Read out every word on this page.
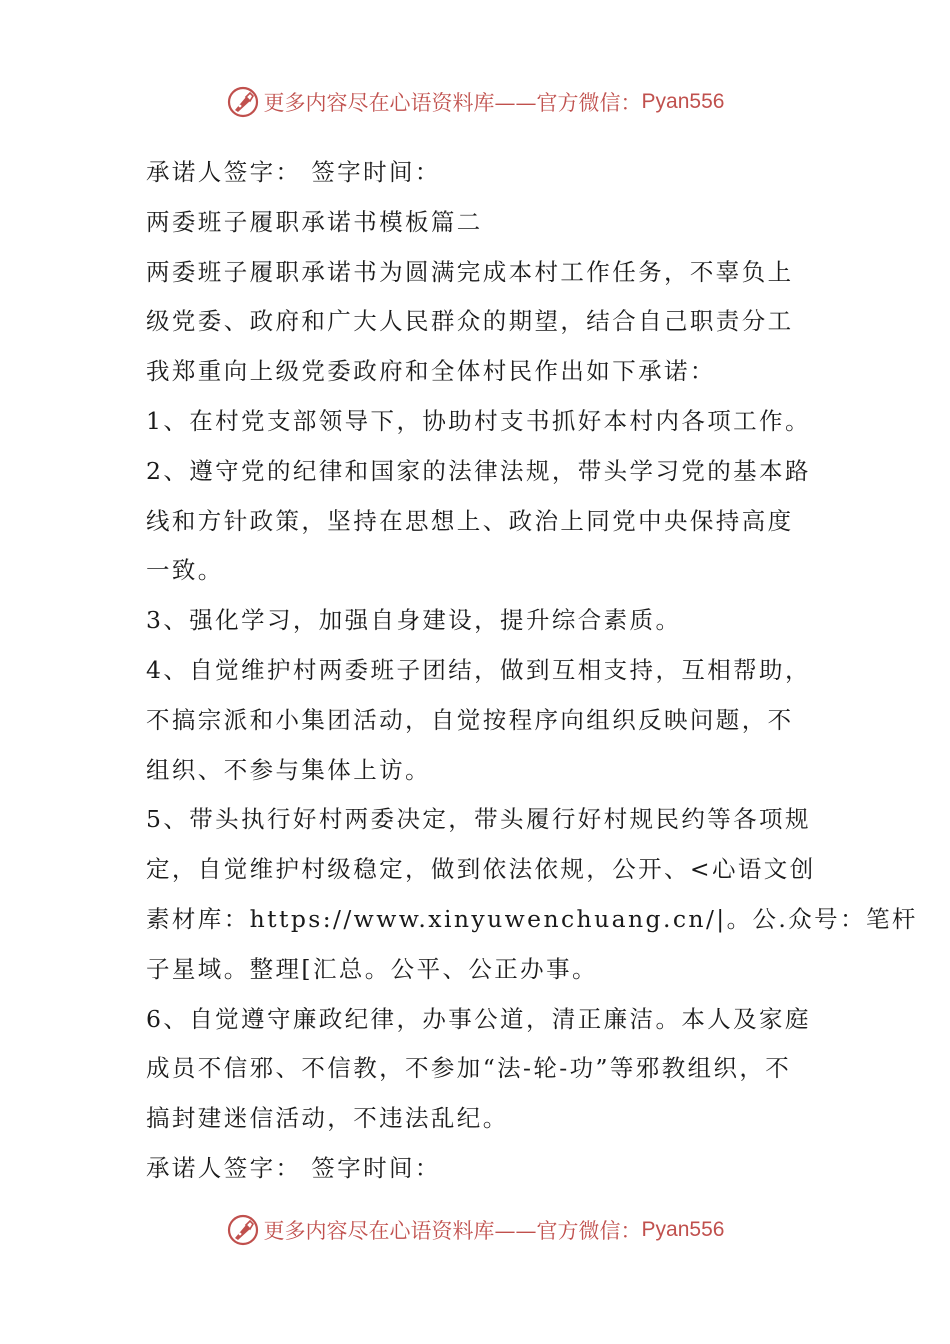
更多内容尽在心语资料库—— 官方微信： Pyan556
承诺人签字： 签字时间：
两委班子履职承诺书模板篇二
两委班子履职承诺书为圆满完成本村工作任务，不辜负上
级党委、政府和广大人民群众的期望，结合自己职责分工
我郑重向上级党委政府和全体村民作出如下承诺：
1、在村党支部领导下，协助村支书抓好本村内各项工作。
2、遵守党的纪律和国家的法律法规，带头学习党的基本路
线和方针政策，坚持在思想上、政治上同党中央保持高度
一致。
3、强化学习，加强自身建设，提升综合素质。
4、自觉维护村两委班子团结，做到互相支持，互相帮助，
不搞宗派和小集团活动，自觉按程序向组织反映问题，不
组织、不参与集体上访。
5、带头执行好村两委决定，带头履行好村规民约等各项规
定，自觉维护村级稳定，做到依法依规，公开、<心语文创
素材库：https://www.xinyuwenchuang.cn/|。公.众号：笔杆
子星域。整理[汇总。公平、公正办事。
6、自觉遵守廉政纪律，办事公道，清正廉洁。本人及家庭
成员不信邪、不信教，不参加“法-轮-功”等邪教组织，不
搞封建迷信活动，不违法乱纪。
承诺人签字： 签字时间：
更多内容尽在心语资料库—— 官方微信： Pyan556
